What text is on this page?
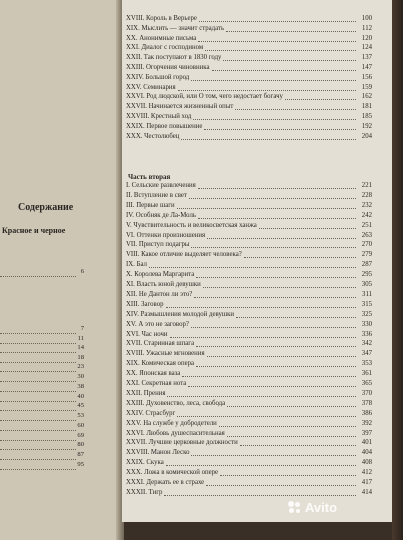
Содержание
Красное и черное
6
7
11
14
18
23
30
38
40
45
53
60
69
80
87
95
XVIII. Король в Верьере	100
XIX. Мыслить — значит страдать	112
XX. Анонимные письма	120
XXI. Диалог с господином	124
XXII. Так поступают в 1830 году	137
XXIII. Огорчения чиновника	147
XXIV. Большой город	156
XXV. Семинария	159
XXVI. Род людской, или О том, чего недостает богачу	162
XXVII. Начинается жизненный опыт	181
XXVIII. Крестный ход	185
XXIX. Первое повышение	192
XXX. Честолюбец	204
Часть вторая
I. Сельские развлечения	221
II. Вступление в свет	228
III. Первые шаги	232
IV. Особняк де Ла-Моль	242
V. Чувствительность и великосветская ханжа	251
VI. Оттенки произношения	263
VII. Приступ подагры	270
VIII. Какое отличие выделяет человека?	279
IX. Бал	287
X. Королева Маргарита	295
XI. Власть юной девушки	305
XII. Не Дантон ли это?	311
XIII. Заговор	315
XIV. Размышления молодой девушки	325
XV. А это не заговор?	330
XVI. Час ночи	336
XVII. Старинная шпага	342
XVIII. Ужасные мгновения	347
XIX. Комическая опера	353
XX. Японская ваза	361
XXI. Секретная нота	365
XXII. Прения	370
XXIII. Духовенство, леса, свобода	378
XXIV. Страсбург	386
XXV. На службе у добродетели	392
XXVI. Любовь душеспасительная	397
XXVII. Лучшие церковные должности	401
XXVIII. Манон Леско	404
XXIX. Скука	408
XXX. Ложа в комической опере	412
XXXI. Держать ее в страхе	417
XXXII. Тигр	414
Avito
